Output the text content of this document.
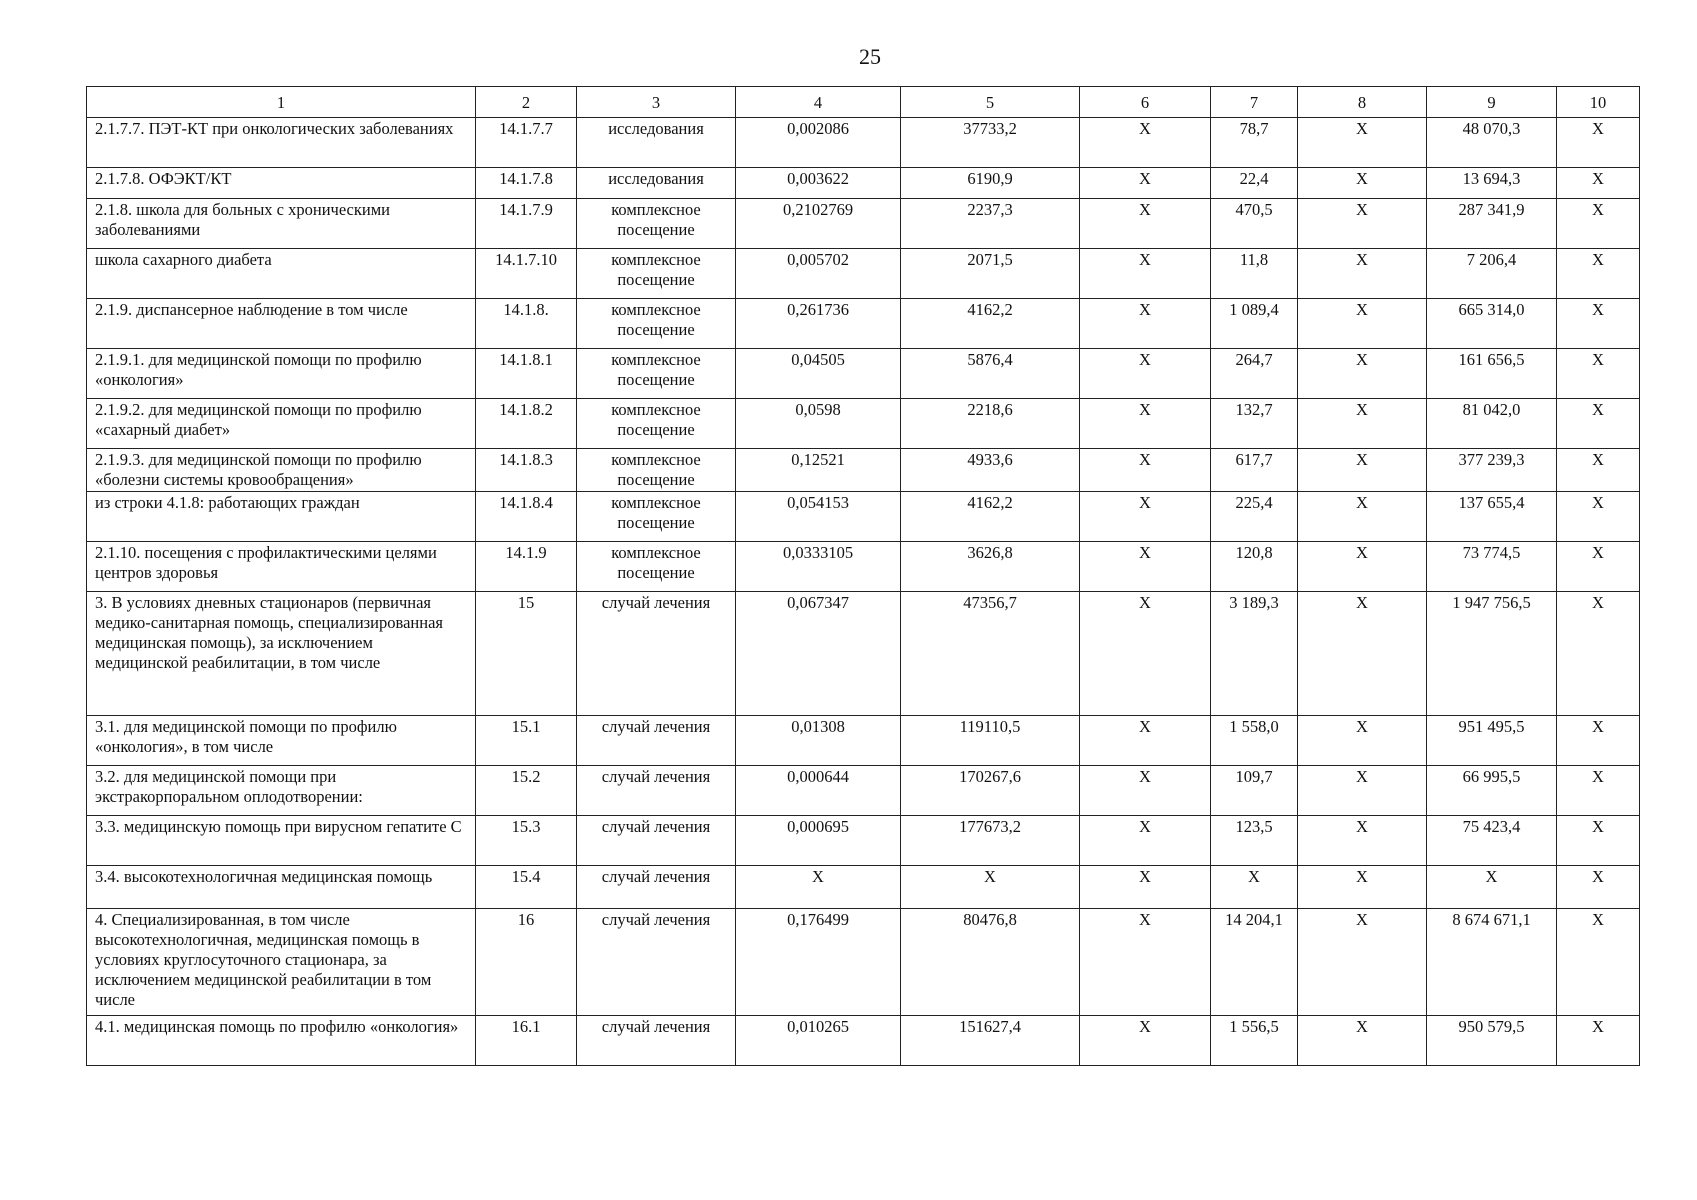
25
1	2	3	4	5	6	7	8	9	10
2.1.7.7. ПЭТ-КТ при онкологических заболеваниях	14.1.7.7	исследования	0,002086	37733,2	Х	78,7	Х	48 070,3	Х
2.1.7.8. ОФЭКТ/КТ	14.1.7.8	исследования	0,003622	6190,9	Х	22,4	Х	13 694,3	Х
2.1.8. школа для больных с хроническими заболеваниями	14.1.7.9	комплексное посещение	0,2102769	2237,3	Х	470,5	Х	287 341,9	Х
школа сахарного диабета	14.1.7.10	комплексное посещение	0,005702	2071,5	Х	11,8	Х	7 206,4	Х
2.1.9. диспансерное наблюдение в том числе	14.1.8.	комплексное посещение	0,261736	4162,2	Х	1 089,4	Х	665 314,0	Х
2.1.9.1. для медицинской помощи по профилю «онкология»	14.1.8.1	комплексное посещение	0,04505	5876,4	Х	264,7	Х	161 656,5	Х
2.1.9.2. для медицинской помощи по профилю «сахарный диабет»	14.1.8.2	комплексное посещение	0,0598	2218,6	Х	132,7	Х	81 042,0	Х
2.1.9.3. для медицинской помощи по профилю «болезни системы кровообращения»	14.1.8.3	комплексное посещение	0,12521	4933,6	Х	617,7	Х	377 239,3	Х
из строки 4.1.8: работающих граждан	14.1.8.4	комплексное посещение	0,054153	4162,2	Х	225,4	Х	137 655,4	Х
2.1.10. посещения с профилактическими целями центров здоровья	14.1.9	комплексное посещение	0,0333105	3626,8	Х	120,8	Х	73 774,5	Х
3. В условиях дневных стационаров (первичная медико-санитарная помощь, специализированная медицинская помощь), за исключением медицинской реабилитации, в том числе	15	случай лечения	0,067347	47356,7	Х	3 189,3	Х	1 947 756,5	Х
3.1. для медицинской помощи по профилю «онкология», в том числе	15.1	случай лечения	0,01308	119110,5	Х	1 558,0	Х	951 495,5	Х
3.2. для медицинской помощи при экстракорпоральном оплодотворении:	15.2	случай лечения	0,000644	170267,6	Х	109,7	Х	66 995,5	Х
3.3. медицинскую помощь при вирусном гепатите С	15.3	случай лечения	0,000695	177673,2	Х	123,5	Х	75 423,4	Х
3.4. высокотехнологичная медицинская помощь	15.4	случай лечения	Х	Х	Х	Х	Х	Х	Х
4. Специализированная, в том числе высокотехнологичная, медицинская помощь в условиях круглосуточного стационара, за исключением медицинской реабилитации в том числе	16	случай лечения	0,176499	80476,8	Х	14 204,1	Х	8 674 671,1	Х
4.1. медицинская помощь по профилю «онкология»	16.1	случай лечения	0,010265	151627,4	Х	1 556,5	Х	950 579,5	Х
